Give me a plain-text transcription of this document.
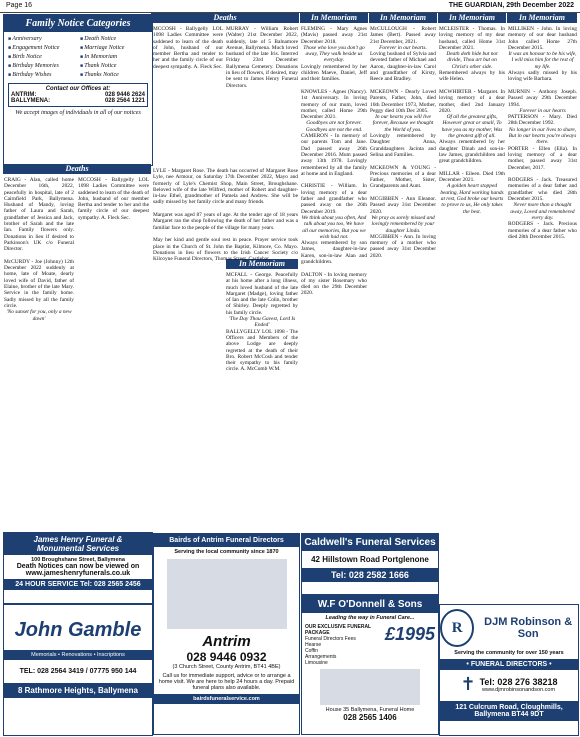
Page 16	THE GUARDIAN, 29th December 2022
Family Notice Categories
■ Anniversary	■ Death Notice
■ Engagement Notice	■ Marriage Notice
■ Birth Notice	■ In Memoriam
■ Birthday Memories	■ Thank Notice
■ Birthday Wishes	■ Thanks Notice
Contact our Offices at:
ANTRIM:	028 9446 2624
BALLYMENA:	028 2564 1221
We accept images of individuals in all of our notices
Deaths
Deaths	In Memoriam	In Memoriam	In Memoriam	In Memoriam
In Memoriam
CRAIG - Alan, called home December 16th, 2022, peacefully in hospital, late of 2 Cairnfield Park, Ballymena. Husband of Mandy, loving father of Laura and Sarah, grandfather of Jessica and Jack, brother of Sarah and the late Ian. Family flowers only. Donations in lieu if desired to Parkinson's UK c/o Funeral Director.

McCURDY - Joe (Johnny) 12th December 2022 suddenly at home, late of Moate, dearly loved wife of David, father of Elaine, brother of the late Mary. Service in the family home. Sadly missed by all the family circle.
'No sunset for you, only a new dawn'
MCCOSH - Ballygelly LOL 1098 Ladies Committee were saddened to learn of the death of John, husband of our member Bertha and tender to her and the family circle of our deepest sympathy. A. Fleck Sec.
MCCOSH - Ballygelly LOL 1098 Ladies Committee were saddened to learn of the death of John, husband of our member Bertha and tender to her and the family circle of our deepest sympathy. A. Fleck Sec.
LYLE - Margaret Rose. The death has occurred of Margaret Rose Lyle, nee Armour, on Saturday 17th December 2022, Mayo and formerly of Lyle's Chemist Shop, Main Street, Broughshane. Beloved wife of the late Wilfred, mother of Robert and daughter-in-law Ethel, grandmother of Pamela and Andrew. She will be sadly missed by her family circle and many friends.

Margaret was aged 87 years of age. At the tender age of 18 years Margaret ran the shop following the death of her father and was a familiar face to the people of the village for many years.

May her kind and gentle soul rest in peace. Prayer service took place in the Church of St. John the Baptist, Kilmore, Co. Mayo. Donations in lieu of flowers to the Irish Cancer Society c/o Kilcoyne Funeral Directors, Thomas Street, Castlebar.
MURRAY - William Robert (Walter) 21st December 2022, suddenly, late of 5 Balnamore Avenue, Ballymena. Much loved husband of the late Iris. Interred Friday 23rd December Ballymena Cemetery. Donations in lieu of flowers, if desired, may be sent to James Henry Funeral Directors.
MCFALL - George. Peacefully at his home after a long illness, much loved husband of the late Margaret (Madge), loving father of Ian and the late Colin, brother of Shirley. Deeply regretted by his family circle.
'The Day Thou Gavest, Lord Is Ended'
BALLYGELLY LOL 1098 - The Officers and Members of the above Lodge are deeply regretted at the death of their Bro. Robert McCosh and tender their sympathy to his family circle. A. McComb W.M.
FLEMING - Mary Agnes (Mavis) passed away 21st December 2018.
Those who love you don't go away, They walk beside us everyday.
Lovingly remembered by her children Maeve, Daniel, Jeff and their families.

KNOWLES - Agnes (Nancy). 1st Anniversary. In loving memory of our mum, loved mother, called Home 29th December 2021.
Goodbyes are not forever. Goodbyes are not the end.
CAMERON - In memory of our parents Tom and Jane. Dad passed away 26th December 2016. Mum passed away 13th 1978. Lovingly remembered by all the family at home and in England.

CHRISTIE - William. In loving memory of a dear father and grandfather who passed away on the 26th December 2019.
We think about you often, And talk about you too, We have all our memories, But you we wish had not.
Always remembered by son James, daughter-in-law Karen, son-in-law Alan and grandchildren.

DALTON - In loving memory of my sister Rosemary who died on the 29th December 2020.
McCULLOUGH - Robert James (Bert). Passed away 21st December, 2021.
Forever in our hearts.
Loving husband of Sylvia and devoted father of Michael and Aaron, daughter-in-law Carol and grandfather of Kirsty, Reece and Bradley.

MCKEOWN - Dearly Loved Parents, Father, John, died 16th December 1973, Mother, Peggy died 10th Dec 2005.
In our hearts you will live forever, Because we thought the World of you.
Lovingly remembered by Daughter Anna, Granddaughters Jacinta and Selina and Families.

MCKEOWN & YOUNG - Precious memories of a dear Father, Mother, Sister, Grandparents and Aunt.

MCGIBBEN - Ann Eleanor. Passed away 31st December 2020.
We pray as sorely missed and lovingly remembered by your daughter Linda.
MCGIBBEN - Ann. In loving memory of a mother who passed away 31st December 2020.
MCLEISTER - Thomas. In loving memory of my dear husband, called Home 31st December 2021.
Death doth hide but not divide, Thou art but on Christ's other side.
Remembered always by his wife Helen.

MCWHIRTER - Margaret. In loving memory of a dear mother, died 2nd January 2020.
Of all the greatest gifts, However great or small, To have you as my mother, Was the greatest gift of all.
Always remembered by her daughter Dinah and son-in-law James, grandchildren and great grandchildren.

MILLAR - Eileen. Died 19th December 2021.
A golden heart stopped beating, Hard working hands at rest, God broke our hearts to prove to us, He only takes the best.
MILLIKEN - John. In loving memory of our dear husband John called Home 27th December 2015.
It was an honour to be his wife, I will miss him for the rest of my life.
Always sadly missed by his loving wife Barbara.

MURNIN - Anthony Joseph. Passed away 29th December 1994.
Forever in our hearts
PATTERSON - Mary. Died 28th December 1992.
No longer in our lives to share, But in our hearts you're always there.
PORTER - Ellen (Ella). In loving memory of a dear mother, passed away 31st December, 2017.

RODGERS - Jack. Treasured memories of a dear father and grandfather who died 28th December 2015.
Never more than a thought away, Loved and remembered every day.
RODGERS - Jack. Precious memories of a dear father who died 28th December 2015.
James Henry Funeral &
Monumental Services
100 Broughshane Street, Ballymena
Death Notices can now be viewed on
www.jameshenryfunerals.co.uk
24 HOUR SERVICE Tel: 028 2565 2456
John Gamble
Memorials • Renovations • Inscriptions
TEL: 028 2564 3419 / 07775 950 144
8 Rathmore Heights, Ballymena
Bairds of Antrim Funeral Directors
Serving the local community since 1870
Antrim
028 9446 0932
(3 Church Street, County Antrim, BT41 4BE)
Call us for immediate support, advice or to arrange a home visit. We are here to help 24 hours a day. Prepaid funeral plans also available.
bairdsfuneralservice.com
Caldwell's Funeral Services
42 Hillstown Road Portglenone
Tel: 028 2582 1666
W.F O'Donnell & Sons
Leading the way in Funeral Care...
OUR EXCLUSIVE FUNERAL PACKAGE
Funeral Directors Fees
Hearse
Coffin
Arrangements
Limousine
£1995
House 35 Ballymena, Funeral Home
028 2565 1406
R	DJM Robinson & Son
Serving the community for over 150 years
• FUNERAL DIRECTORS •
✝ Tel: 028 276 38218
www.djmrobinsonandson.com
121 Culcrum Road, Cloughmills, Ballymena BT44 9DT
